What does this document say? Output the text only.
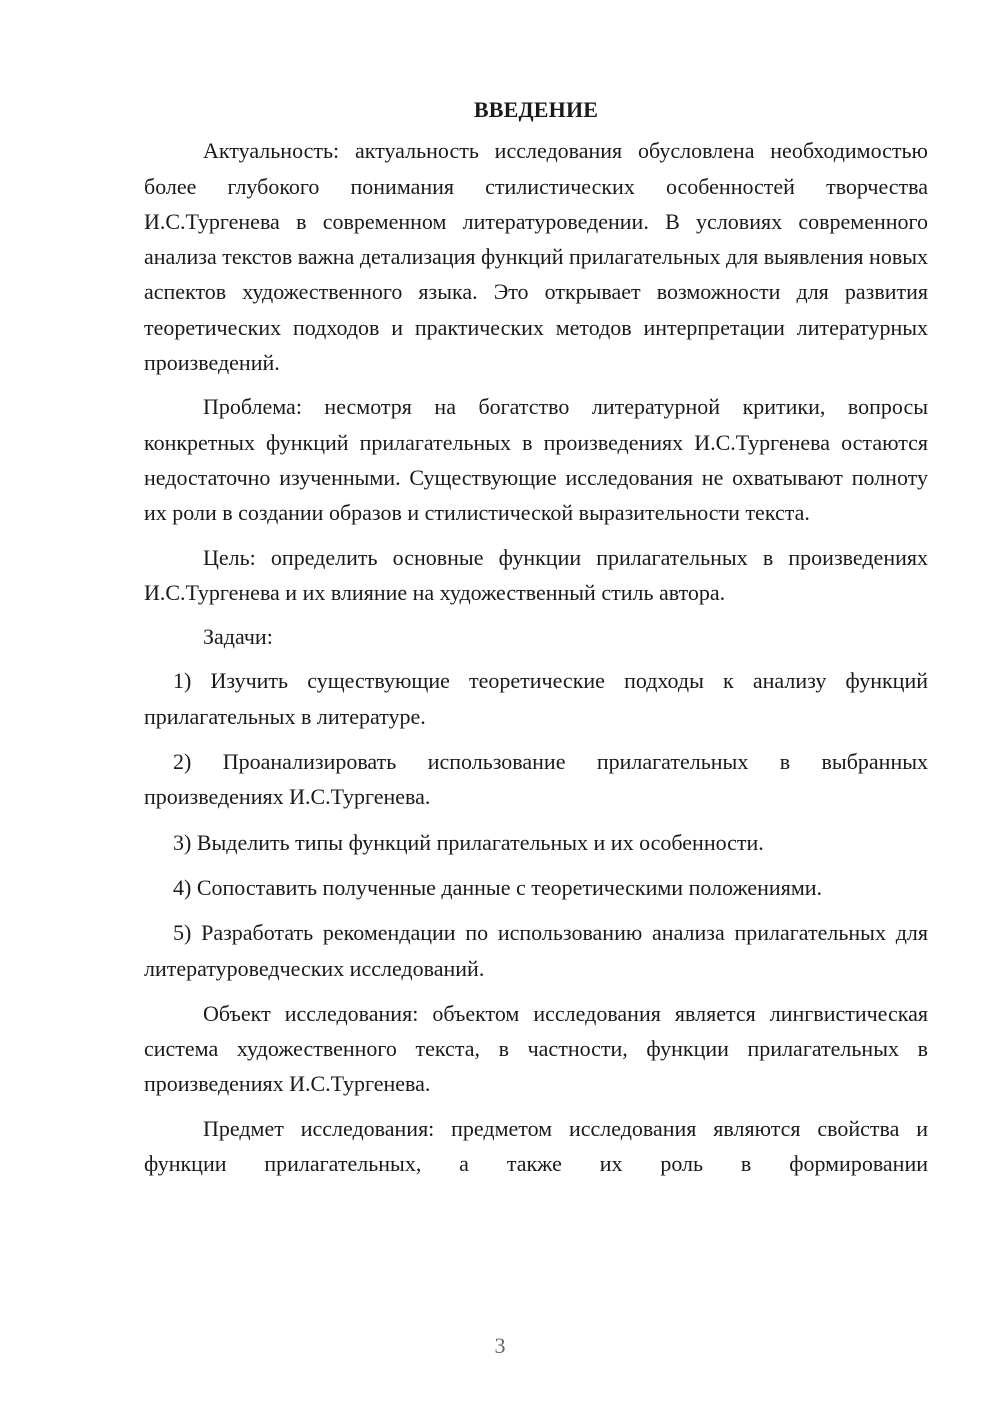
ВВЕДЕНИЕ

Актуальность: актуальность исследования обусловлена необходимостью более глубокого понимания стилистических особенностей творчества И.С.Тургенева в современном литературоведении. В условиях современного анализа текстов важна детализация функций прилагательных для выявления новых аспектов художественного языка. Это открывает возможности для развития теоретических подходов и практических методов интерпретации литературных произведений.

Проблема: несмотря на богатство литературной критики, вопросы конкретных функций прилагательных в произведениях И.С.Тургенева остаются недостаточно изученными. Существующие исследования не охватывают полноту их роли в создании образов и стилистической выразительности текста.

Цель: определить основные функции прилагательных в произведениях И.С.Тургенева и их влияние на художественный стиль автора.

Задачи:

1) Изучить существующие теоретические подходы к анализу функций прилагательных в литературе.

2) Проанализировать использование прилагательных в выбранных произведениях И.С.Тургенева.

3) Выделить типы функций прилагательных и их особенности.

4) Сопоставить полученные данные с теоретическими положениями.

5) Разработать рекомендации по использованию анализа прилагательных для литературоведческих исследований.

Объект исследования: объектом исследования является лингвистическая система художественного текста, в частности, функции прилагательных в произведениях И.С.Тургенева.

Предмет исследования: предметом исследования являются свойства и функции прилагательных, а также их роль в формировании

3
